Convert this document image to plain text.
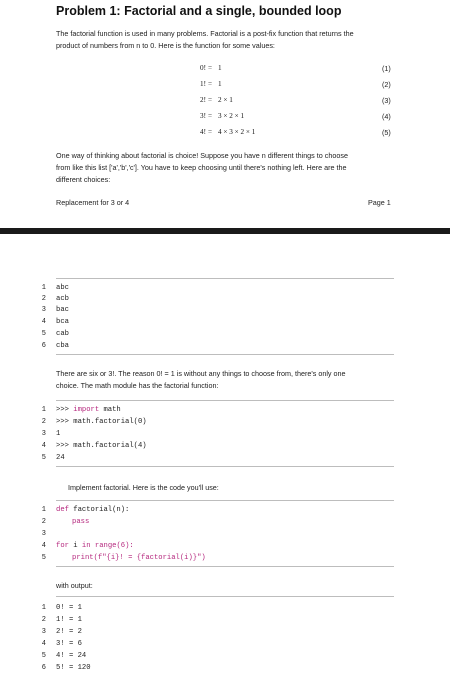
Problem 1: Factorial and a single, bounded loop
The factorial function is used in many problems. Factorial is a post-fix function that returns the
product of numbers from n to 0. Here is the function for some values:
0! = 1	(1)
1! = 1	(2)
2! = 2 × 1	(3)
3! = 3 × 2 × 1	(4)
4! = 4 × 3 × 2 × 1	(5)
One way of thinking about factorial is choice! Suppose you have n different things to choose
from like this list ['a','b','c']. You have to keep choosing until there's nothing left. Here are the
different choices:
Replacement for 3 or 4	Page 1
1 abc
2 acb
3 bac
4 bca
5 cab
6 cba
There are six or 3!. The reason 0! = 1 is without any things to choose from, there's only one
choice. The math module has the factorial function:
1 >>> import math
2 >>> math.factorial(0)
3 1
4 >>> math.factorial(4)
5 24
Implement factorial. Here is the code you'll use:
1 def factorial(n):
2	pass
3
4 for i in range(6):
5	print(f"{i}! = {factorial(i)}")
with output:
1 0! = 1
2 1! = 1
3 2! = 2
4 3! = 6
5 4! = 24
6 5! = 120
